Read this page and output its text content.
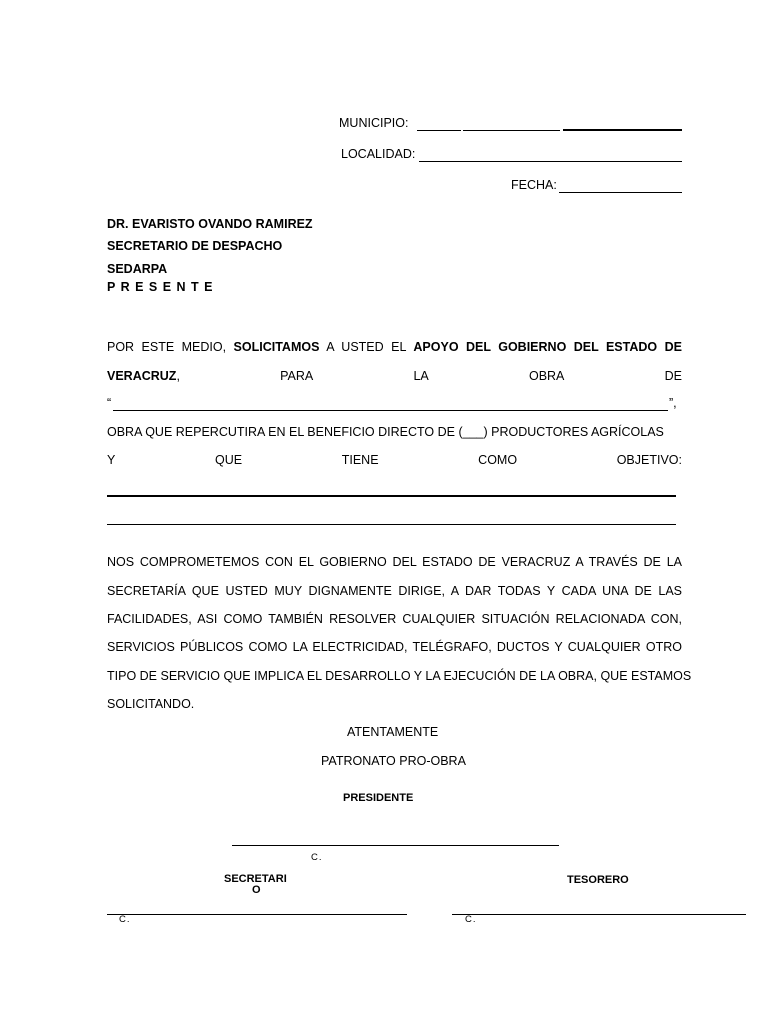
MUNICIPIO:
LOCALIDAD:
FECHA:
DR. EVARISTO OVANDO RAMIREZ
SECRETARIO DE DESPACHO
SEDARPA
P R E S E N T E
POR ESTE MEDIO, SOLICITAMOS A USTED EL APOYO DEL GOBIERNO DEL ESTADO DE
VERACRUZ,	PARA	LA	OBRA	DE
“	”,
OBRA QUE REPERCUTIRA EN EL BENEFICIO DIRECTO DE (___) PRODUCTORES AGRÍCOLAS
Y	QUE	TIENE	COMO	OBJETIVO:
NOS COMPROMETEMOS CON EL GOBIERNO DEL ESTADO DE VERACRUZ A TRAVÉS DE LA
SECRETARÍA QUE USTED MUY DIGNAMENTE DIRIGE, A DAR TODAS Y CADA UNA DE LAS
FACILIDADES, ASI COMO TAMBIÉN RESOLVER CUALQUIER SITUACIÓN RELACIONADA CON,
SERVICIOS PÚBLICOS COMO LA ELECTRICIDAD, TELÉGRAFO, DUCTOS Y CUALQUIER OTRO
TIPO DE SERVICIO QUE IMPLICA EL DESARROLLO Y LA EJECUCIÓN DE LA OBRA, QUE ESTAMOS
SOLICITANDO.
ATENTAMENTE
PATRONATO PRO-OBRA
PRESIDENTE
C.
SECRETARI
O
TESORERO
C.	C.
